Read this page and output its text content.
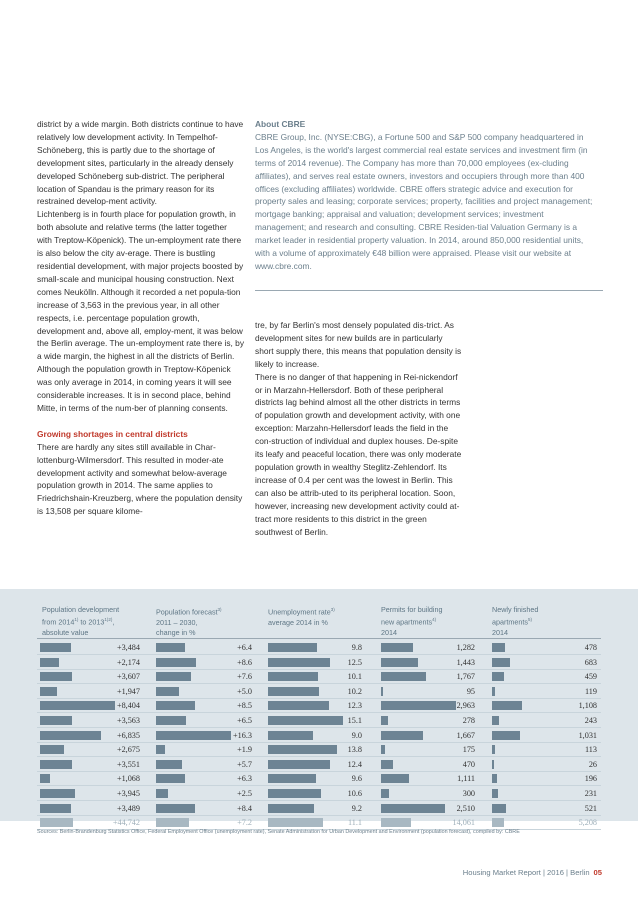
district by a wide margin. Both districts continue to have relatively low development activity. In Tempelhof-Schöneberg, this is partly due to the shortage of development sites, particularly in the already densely developed Schöneberg sub-district. The peripheral location of Spandau is the primary reason for its restrained develop-ment activity.

Lichtenberg is in fourth place for population growth, in both absolute and relative terms (the latter together with Treptow-Köpenick). The un-employment rate there is also below the city av-erage. There is bustling residential development, with major projects boosted by small-scale and municipal housing construction. Next comes Neukölln. Although it recorded a net popula-tion increase of 3,563 in the previous year, in all other respects, i.e. percentage population growth, development and, above all, employ-ment, it was below the Berlin average. The un-employment rate there is, by a wide margin, the highest in all the districts of Berlin.

Although the population growth in Treptow-Köpenick was only average in 2014, in coming years it will see considerable increases. It is in second place, behind Mitte, in terms of the num-ber of planning consents.

Growing shortages in central districts

There are hardly any sites still available in Char-lottenburg-Wilmersdorf. This resulted in moder-ate development activity and somewhat below-average population growth in 2014. The same applies to Friedrichshain-Kreuzberg, where the population density is 13,508 per square kilome-

About CBRE

CBRE Group, Inc. (NYSE:CBG), a Fortune 500 and S&P 500 company headquartered in Los Angeles, is the world's largest commercial real estate services and investment firm (in terms of 2014 revenue). The Company has more than 70,000 employees (ex-cluding affiliates), and serves real estate owners, investors and occupiers through more than 400 offices (excluding affiliates) worldwide. CBRE offers strategic advice and execution for property sales and leasing; corporate services; property, facilities and project management; mortgage banking; appraisal and valuation; development services; investment management; and research and consulting. CBRE Residen-tial Valuation Germany is a market leader in residential property valuation. In 2014, around 850,000 residential units, with a volume of approximately €48 billion were appraised. Please visit our website at www.cbre.com.

tre, by far Berlin's most densely populated dis-trict. As development sites for new builds are in particularly short supply there, this means that population density is likely to increase.

There is no danger of that happening in Rei-nickendorf or in Marzahn-Hellersdorf. Both of these peripheral districts lag behind almost all the other districts in terms of population growth and development activity, with one exception: Marzahn-Hellersdorf leads the field in the con-struction of individual and duplex houses. De-spite its leafy and peaceful location, there was only moderate population growth in wealthy Steglitz-Zehlendorf. Its increase of 0.4 per cent was the lowest in Berlin. This can also be attrib-uted to its peripheral location. Soon, however, increasing new development activity could at-tract more residents to this district in the green southwest of Berlin.

Population development
from 2014$^{1)}$ to $2013^{1)2)}$,
absolute value
Population forecast$^{3)}$
2011 – 2030,
change in %
Unemployment rate$^{3)}$
average 2014 in %
Permits for building
new apartments$^{4)}$
2014
Newly finished
apartments$^{5)}$
2014
+3,484	+6.4	9.8	1,282	478
+2,174	+8.6	12.5	1,443	683
+3,607	+7.6	10.1	1,767	459
+1,947	+5.0	10.2	95	119
+8,404	+8.5	12.3	2,963	1,108
+3,563	+6.5	15.1	278	243
+6,835	+16.3	9.0	1,667	1,031
+2,675	+1.9	13.8	175	113
+3,551	+5.7	12.4	470	26
+1,068	+6.3	9.6	1,111	196
+3,945	+2.5	10.6	300	231
+3,489	+8.4	9.2	2,510	521
+44,742	+7.2	11.1	14,061	5,208

Sources: Berlin-Brandenburg Statistics Office, Federal Employment Office (unemployment rate), Senate Administration for Urban Development and Environment (population forecast), compiled by: CBRE

Housing Market Report | 2016 | Berlin 05
